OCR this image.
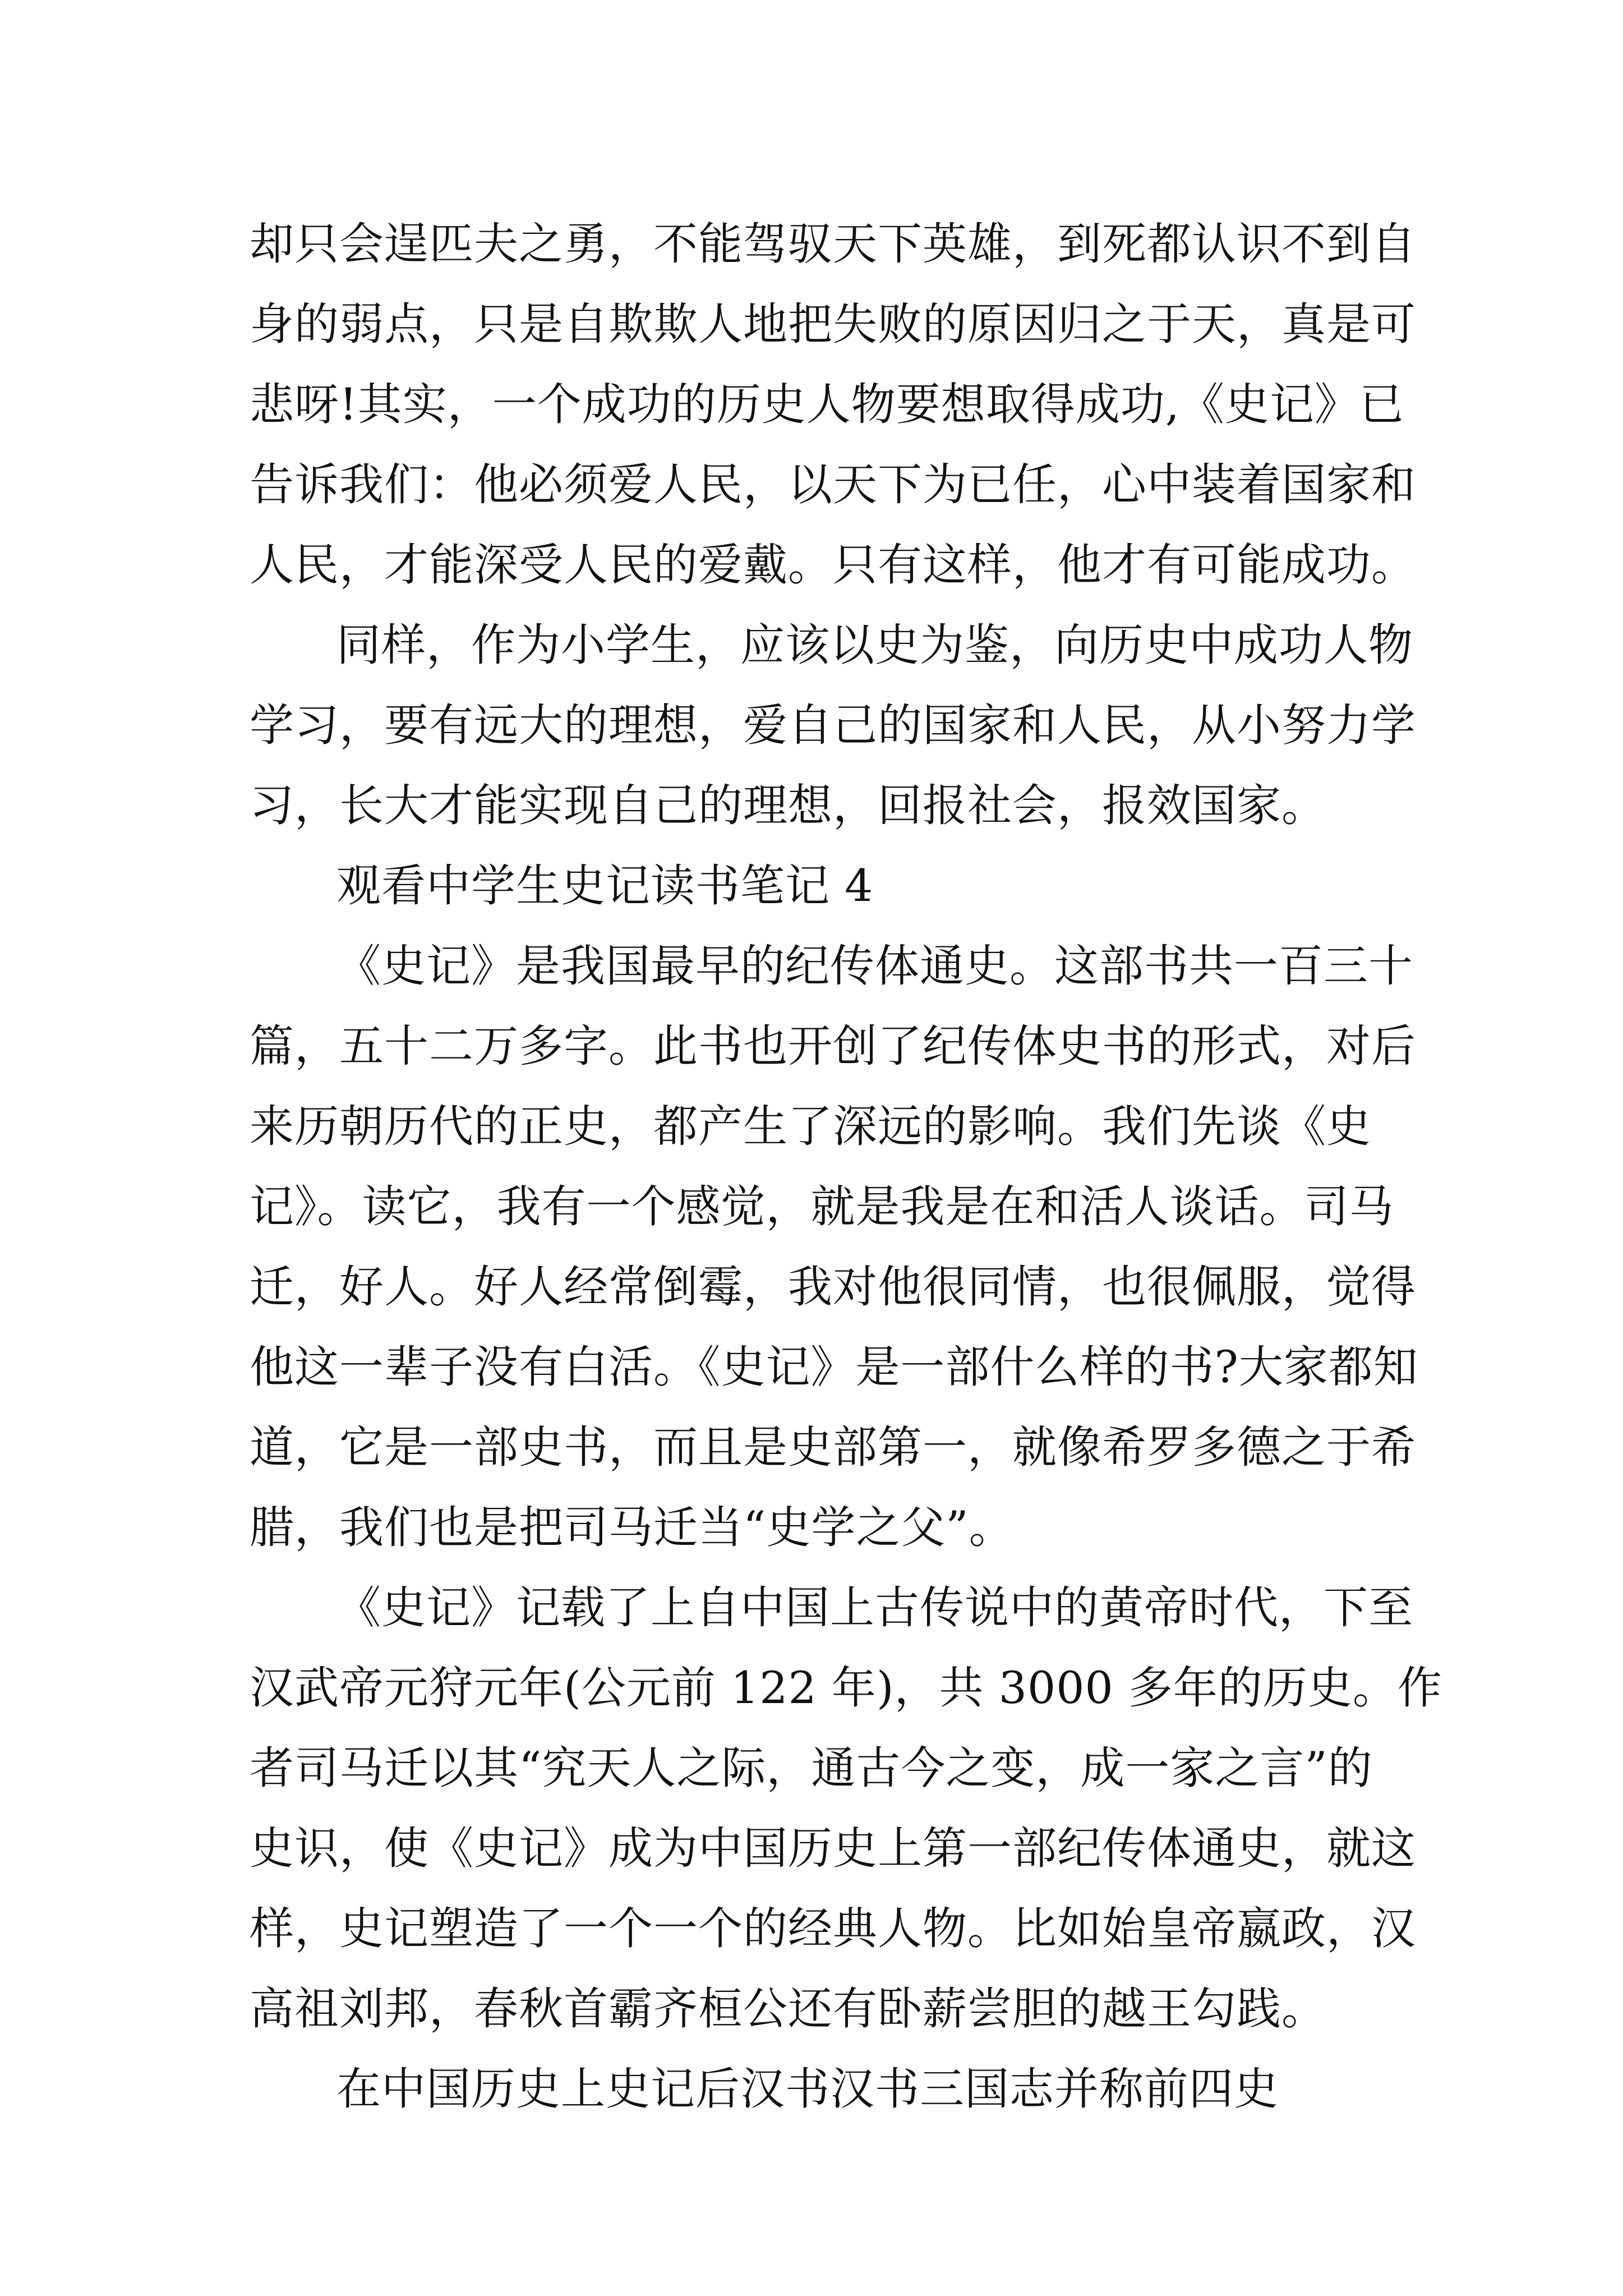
却只会逞匹夫之勇，不能驾驭天下英雄，到死都认识不到自

身的弱点，只是自欺欺人地把失败的原因归之于天，真是可

悲呀!其实，一个成功的历史人物要想取得成功,《史记》已

告诉我们：他必须爱人民，以天下为已任，心中装着国家和

人民，才能深受人民的爱戴。只有这样，他才有可能成功。

同样，作为小学生，应该以史为鉴，向历史中成功人物

学习，要有远大的理想，爱自己的国家和人民，从小努力学

习，长大才能实现自己的理想，回报社会，报效国家。

观看中学生史记读书笔记 4

《史记》是我国最早的纪传体通史。这部书共一百三十

篇，五十二万多字。此书也开创了纪传体史书的形式，对后

来历朝历代的正史，都产生了深远的影响。我们先谈《史

记》。读它，我有一个感觉，就是我是在和活人谈话。司马

迁，好人。好人经常倒霉，我对他很同情，也很佩服，觉得

他这一辈子没有白活。《史记》是一部什么样的书?大家都知

道，它是一部史书，而且是史部第一，就像希罗多德之于希

腊，我们也是把司马迁当“史学之父”。

《史记》记载了上自中国上古传说中的黄帝时代，下至

汉武帝元狩元年(公元前 122 年)，共 3000 多年的历史。作

者司马迁以其“究天人之际，通古今之变，成一家之言”的

史识，使《史记》成为中国历史上第一部纪传体通史，就这

样，史记塑造了一个一个的经典人物。比如始皇帝嬴政，汉

高祖刘邦，春秋首霸齐桓公还有卧薪尝胆的越王勾践。

在中国历史上史记后汉书汉书三国志并称前四史
